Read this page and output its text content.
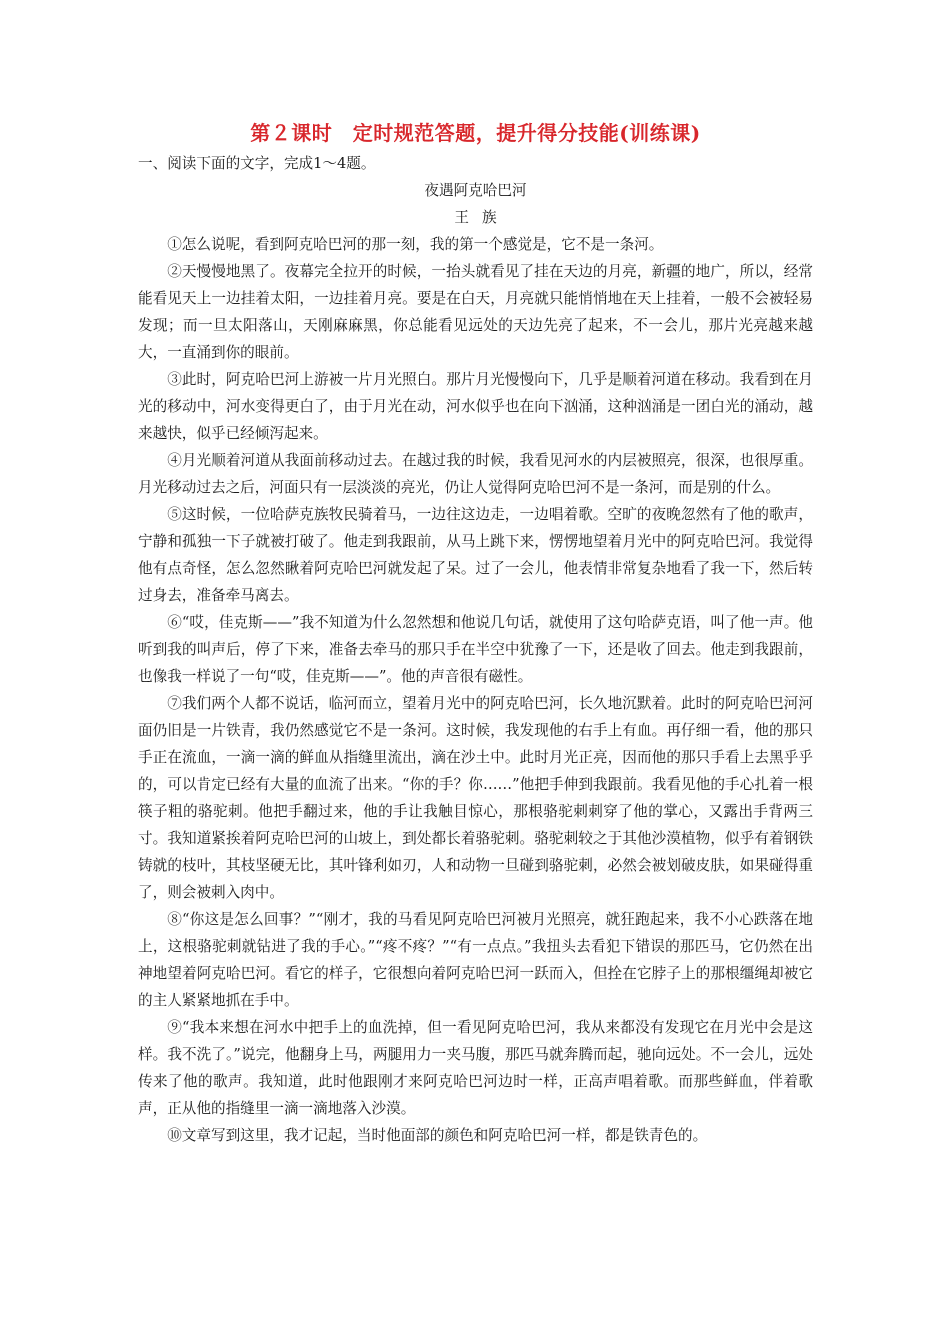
第２课时　定时规范答题，提升得分技能(训练课)

一、阅读下面的文字，完成1～4题。

夜遇阿克哈巴河

王族

①怎么说呢，看到阿克哈巴河的那一刻，我的第一个感觉是，它不是一条河。

②天慢慢地黑了。夜幕完全拉开的时候，一抬头就看见了挂在天边的月亮，新疆的地广，所以，经常能看见天上一边挂着太阳，一边挂着月亮。要是在白天，月亮就只能悄悄地在天上挂着，一般不会被轻易发现；而一旦太阳落山，天刚麻麻黑，你总能看见远处的天边先亮了起来，不一会儿，那片光亮越来越大，一直涌到你的眼前。

③此时，阿克哈巴河上游被一片月光照白。那片月光慢慢向下，几乎是顺着河道在移动。我看到在月光的移动中，河水变得更白了，由于月光在动，河水似乎也在向下汹涌，这种汹涌是一团白光的涌动，越来越快，似乎已经倾泻起来。

④月光顺着河道从我面前移动过去。在越过我的时候，我看见河水的内层被照亮，很深，也很厚重。月光移动过去之后，河面只有一层淡淡的亮光，仍让人觉得阿克哈巴河不是一条河，而是别的什么。

⑤这时候，一位哈萨克族牧民骑着马，一边往这边走，一边唱着歌。空旷的夜晚忽然有了他的歌声，宁静和孤独一下子就被打破了。他走到我跟前，从马上跳下来，愣愣地望着月光中的阿克哈巴河。我觉得他有点奇怪，怎么忽然瞅着阿克哈巴河就发起了呆。过了一会儿，他表情非常复杂地看了我一下，然后转过身去，准备牵马离去。

⑥“哎，佳克斯——”我不知道为什么忽然想和他说几句话，就使用了这句哈萨克语，叫了他一声。他听到我的叫声后，停了下来，准备去牵马的那只手在半空中犹豫了一下，还是收了回去。他走到我跟前，也像我一样说了一句“哎，佳克斯——”。他的声音很有磁性。

⑦我们两个人都不说话，临河而立，望着月光中的阿克哈巴河，长久地沉默着。此时的阿克哈巴河河面仍旧是一片铁青，我仍然感觉它不是一条河。这时候，我发现他的右手上有血。再仔细一看，他的那只手正在流血，一滴一滴的鲜血从指缝里流出，滴在沙土中。此时月光正亮，因而他的那只手看上去黑乎乎的，可以肯定已经有大量的血流了出来。“你的手？你……”他把手伸到我跟前。我看见他的手心扎着一根筷子粗的骆驼刺。他把手翻过来，他的手让我触目惊心，那根骆驼刺刺穿了他的掌心，又露出手背两三寸。我知道紧挨着阿克哈巴河的山坡上，到处都长着骆驼刺。骆驼刺较之于其他沙漠植物，似乎有着钢铁铸就的枝叶，其枝坚硬无比，其叶锋利如刃，人和动物一旦碰到骆驼刺，必然会被划破皮肤，如果碰得重了，则会被刺入肉中。

⑧“你这是怎么回事？”“刚才，我的马看见阿克哈巴河被月光照亮，就狂跑起来，我不小心跌落在地上，这根骆驼刺就钻进了我的手心。”“疼不疼？”“有一点点。”我扭头去看犯下错误的那匹马，它仍然在出神地望着阿克哈巴河。看它的样子，它很想向着阿克哈巴河一跃而入，但拴在它脖子上的那根缰绳却被它的主人紧紧地抓在手中。

⑨“我本来想在河水中把手上的血洗掉，但一看见阿克哈巴河，我从来都没有发现它在月光中会是这样。我不洗了。”说完，他翻身上马，两腿用力一夹马腹，那匹马就奔腾而起，驰向远处。不一会儿，远处传来了他的歌声。我知道，此时他跟刚才来阿克哈巴河边时一样，正高声唱着歌。而那些鲜血，伴着歌声，正从他的指缝里一滴一滴地落入沙漠。

⑩文章写到这里，我才记起，当时他面部的颜色和阿克哈巴河一样，都是铁青色的。
